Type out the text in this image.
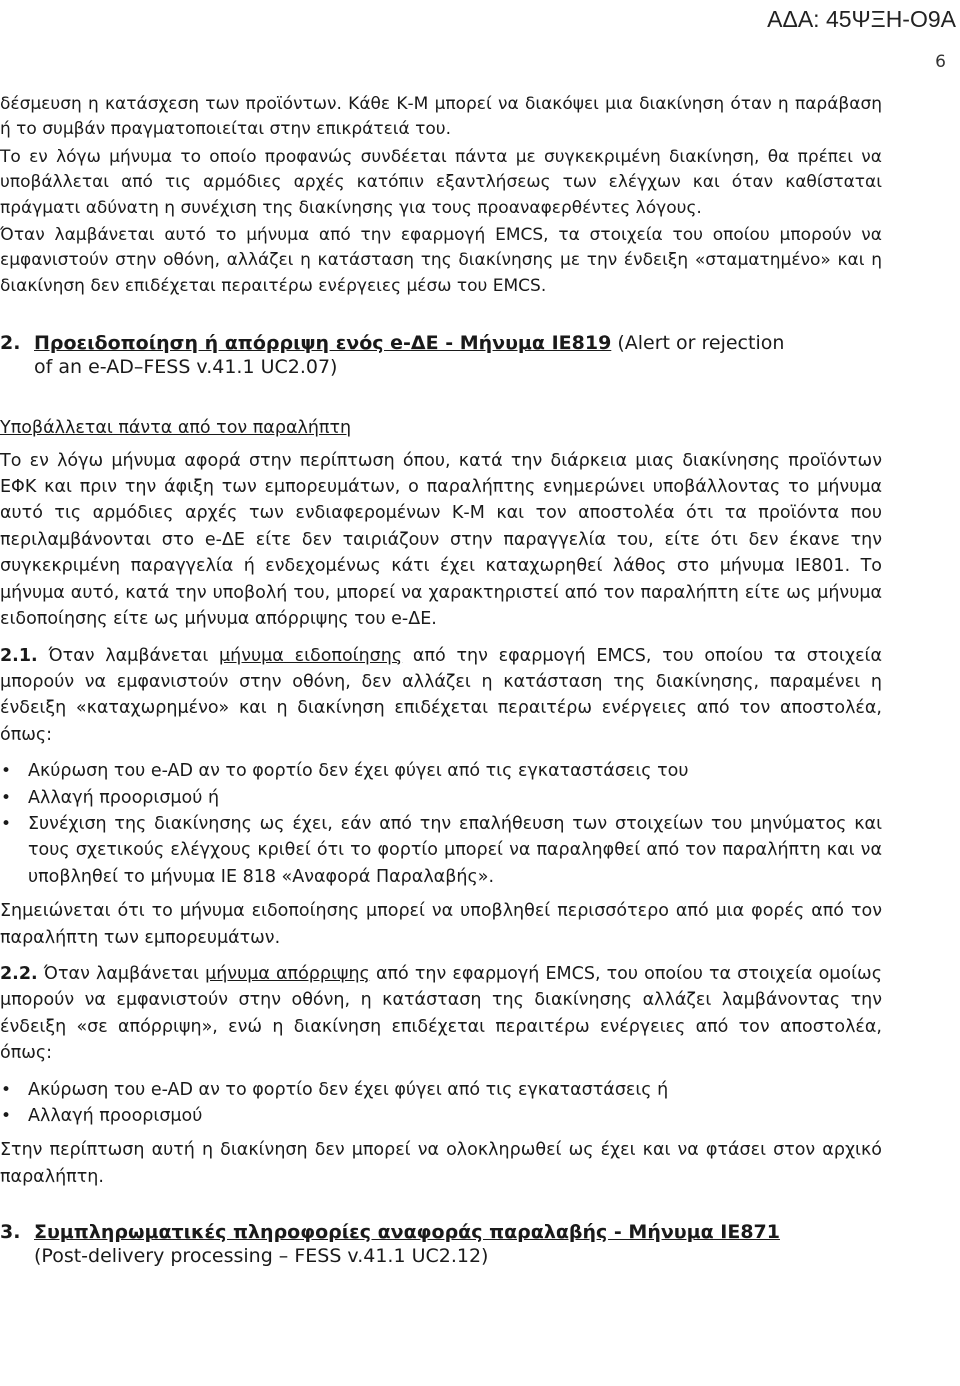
ΑΔΑ: 45ΨΞΗ-Ο9Α
6

δέσμευση η κατάσχεση των προϊόντων. Κάθε Κ-Μ μπορεί να διακόψει μια διακίνηση όταν η παράβαση ή το συμβάν πραγματοποιείται στην επικράτειά του.

Το εν λόγω μήνυμα το οποίο προφανώς συνδέεται πάντα με συγκεκριμένη διακίνηση, θα πρέπει να υποβάλλεται από τις αρμόδιες αρχές κατόπιν εξαντλήσεως των ελέγχων και όταν καθίσταται πράγματι αδύνατη η συνέχιση της διακίνησης για τους προαναφερθέντες λόγους.

Όταν λαμβάνεται αυτό το μήνυμα από την εφαρμογή EMCS, τα στοιχεία του οποίου μπορούν να εμφανιστούν στην οθόνη, αλλάζει η κατάσταση της διακίνησης με την ένδειξη «σταματημένο» και η διακίνηση δεν επιδέχεται περαιτέρω ενέργειες μέσω του EMCS.

2. Προειδοποίηση ή απόρριψη ενός e-ΔΕ - Μήνυμα ΙΕ819 (Alert or rejection
of an e-AD–FESS v.41.1 UC2.07)

Υποβάλλεται πάντα από τον παραλήπτη

Το εν λόγω μήνυμα αφορά στην περίπτωση όπου, κατά την διάρκεια μιας διακίνησης προϊόντων ΕΦΚ και πριν την άφιξη των εμπορευμάτων, ο παραλήπτης ενημερώνει υποβάλλοντας το μήνυμα αυτό τις αρμόδιες αρχές των ενδιαφερομένων Κ-Μ και τον αποστολέα ότι τα προϊόντα που περιλαμβάνονται στο e-ΔΕ είτε δεν ταιριάζουν στην παραγγελία του, είτε ότι δεν έκανε την συγκεκριμένη παραγγελία ή ενδεχομένως κάτι έχει καταχωρηθεί λάθος στο μήνυμα ΙΕ801. Το μήνυμα αυτό, κατά την υποβολή του, μπορεί να χαρακτηριστεί από τον παραλήπτη είτε ως μήνυμα ειδοποίησης είτε ως μήνυμα απόρριψης του e-ΔΕ.

2.1. Όταν λαμβάνεται μήνυμα ειδοποίησης από την εφαρμογή EMCS, του οποίου τα στοιχεία μπορούν να εμφανιστούν στην οθόνη, δεν αλλάζει η κατάσταση της διακίνησης, παραμένει η ένδειξη «καταχωρημένο» και η διακίνηση επιδέχεται περαιτέρω ενέργειες από τον αποστολέα, όπως:

• Ακύρωση του e-AD αν το φορτίο δεν έχει φύγει από τις εγκαταστάσεις του
• Αλλαγή προορισμού ή
• Συνέχιση της διακίνησης ως έχει, εάν από την επαλήθευση των στοιχείων του μηνύματος και τους σχετικούς ελέγχους κριθεί ότι το φορτίο μπορεί να παραληφθεί από τον παραλήπτη και να υποβληθεί το μήνυμα ΙΕ 818 «Αναφορά Παραλαβής».

Σημειώνεται ότι το μήνυμα ειδοποίησης μπορεί να υποβληθεί περισσότερο από μια φορές από τον παραλήπτη των εμπορευμάτων.

2.2. Όταν λαμβάνεται μήνυμα απόρριψης από την εφαρμογή EMCS, του οποίου τα στοιχεία ομοίως μπορούν να εμφανιστούν στην οθόνη, η κατάσταση της διακίνησης αλλάζει λαμβάνοντας την ένδειξη «σε απόρριψη», ενώ η διακίνηση επιδέχεται περαιτέρω ενέργειες από τον αποστολέα, όπως:

• Ακύρωση του e-AD αν το φορτίο δεν έχει φύγει από τις εγκαταστάσεις ή
• Αλλαγή προορισμού

Στην περίπτωση αυτή η διακίνηση δεν μπορεί να ολοκληρωθεί ως έχει και να φτάσει στον αρχικό παραλήπτη.

3. Συμπληρωματικές πληροφορίες αναφοράς παραλαβής - Μήνυμα ΙΕ871
(Post-delivery processing – FESS v.41.1 UC2.12)
